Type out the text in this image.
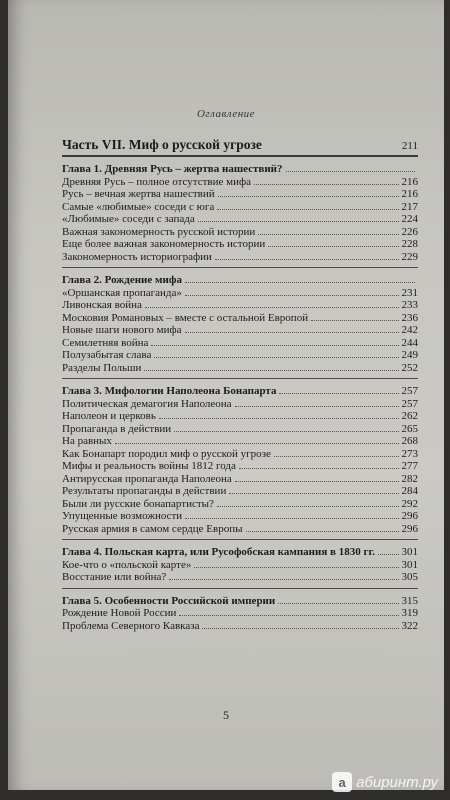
Оглавление
Часть VII. Миф о русской угрозе	211
Глава 1. Древняя Русь – жертва нашествий?
Древняя Русь – полное отсутствие мифа	216
Русь – вечная жертва нашествий	216
Самые «любимые» соседи с юга	217
«Любимые» соседи с запада	224
Важная закономерность русской истории	226
Еще более важная закономерность истории	228
Закономерность историографии	229
Глава 2. Рождение мифа
«Оршанская пропаганда»	231
Ливонская война	233
Московия Романовых – вместе с остальной Европой	236
Новые шаги нового мифа	242
Семилетняя война	244
Полузабытая слава	249
Разделы Польши	252
Глава 3. Мифологии Наполеона Бонапарта	257
Политическая демагогия Наполеона	257
Наполеон и церковь	262
Пропаганда в действии	265
На равных	268
Как Бонапарт породил миф о русской угрозе	273
Мифы и реальность войны 1812 года	277
Антирусская пропаганда Наполеона	282
Результаты пропаганды в действии	284
Были ли русские бонапартисты?	292
Упущенные возможности	296
Русская армия в самом сердце Европы	296
Глава 4. Польская карта, или Русофобская кампания в 1830 гг. 301
Кое-что о «польской карте»	301
Восстание или война?	305
Глава 5. Особенности Российской империи	315
Рождение Новой России	319
Проблема Северного Кавказа	322
5
a абиринт.ру
